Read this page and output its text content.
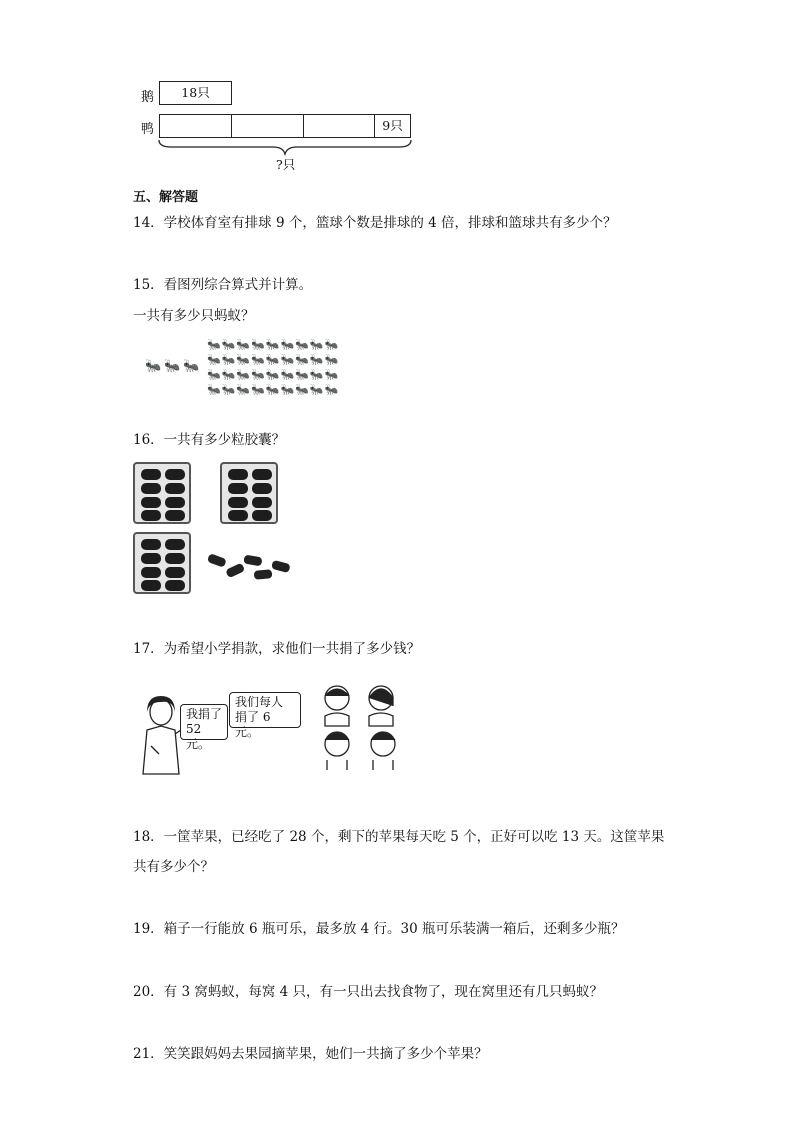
鹅	18只
鸭	9只
?只
五、解答题
14．学校体育室有排球 9 个，篮球个数是排球的 4 倍，排球和篮球共有多少个？
15．看图列综合算式并计算。
一共有多少只蚂蚁？
🐜🐜🐜
🐜🐜🐜🐜🐜🐜🐜🐜🐜
🐜🐜🐜🐜🐜🐜🐜🐜🐜
🐜🐜🐜🐜🐜🐜🐜🐜🐜
🐜🐜🐜🐜🐜🐜🐜🐜🐜
16．一共有多少粒胶囊？
17．为希望小学捐款，求他们一共捐了多少钱？
我捐了
52 元。
我们每人
捐了 6 元。
18．一筐苹果，已经吃了 28 个，剩下的苹果每天吃 5 个，正好可以吃 13 天。这筐苹果
共有多少个？
19．箱子一行能放 6 瓶可乐，最多放 4 行。30 瓶可乐装满一箱后，还剩多少瓶？
20．有 3 窝蚂蚁，每窝 4 只，有一只出去找食物了，现在窝里还有几只蚂蚁？
21．笑笑跟妈妈去果园摘苹果，她们一共摘了多少个苹果？
